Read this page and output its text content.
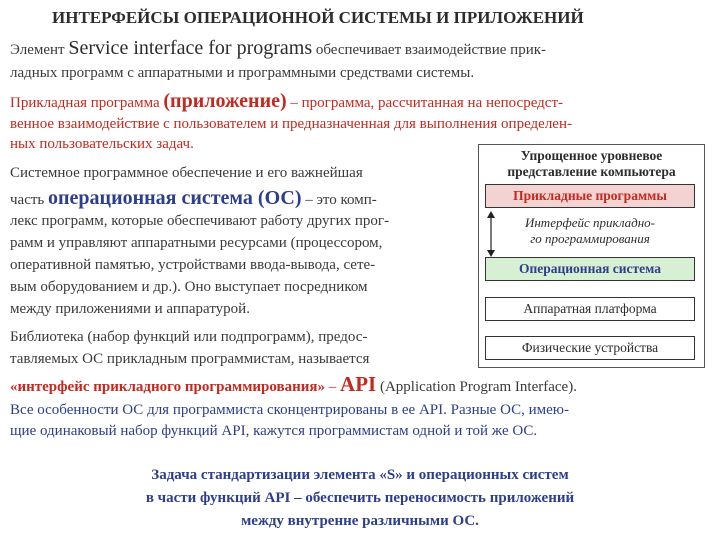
ИНТЕРФЕЙСЫ ОПЕРАЦИОННОЙ СИСТЕМЫ И ПРИЛОЖЕНИЙ
Элемент Service interface for programs обеспечивает взаимодействие прик-
ладных программ с аппаратными и программными средствами системы.
Прикладная программа (приложение) – программа, рассчитанная на непосредст-
венное взаимодействие с пользователем и предназначенная для выполнения определен-
ных пользовательских задач.
Системное программное обеспечение и его важнейшая
часть операционная система (ОС) – это комп-
лекс программ, которые обеспечивают работу других прог-
рамм и управляют аппаратными ресурсами (процессором,
оперативной памятью, устройствами ввода-вывода, сете-
вым оборудованием и др.). Оно выступает посредником
между приложениями и аппаратурой.
Библиотека (набор функций или подпрограмм), предос-
тавляемых ОС прикладным программистам, называется
«интерфейс прикладного программирования» – API (Application Program Interface).
Все особенности ОС для программиста сконцентрированы в ее API. Разные ОС, имею-
щие одинаковый набор функций API, кажутся программистам одной и той же ОС.
Упрощенное уровневое
представление компьютера
Прикладные программы
Интерфейс прикладно-
го программирования
Операционная система
Аппаратная платформа
Физические устройства
Задача стандартизации элемента «S» и операционных систем
в части функций API – обеспечить переносимость приложений
между внутренне различными ОС.
